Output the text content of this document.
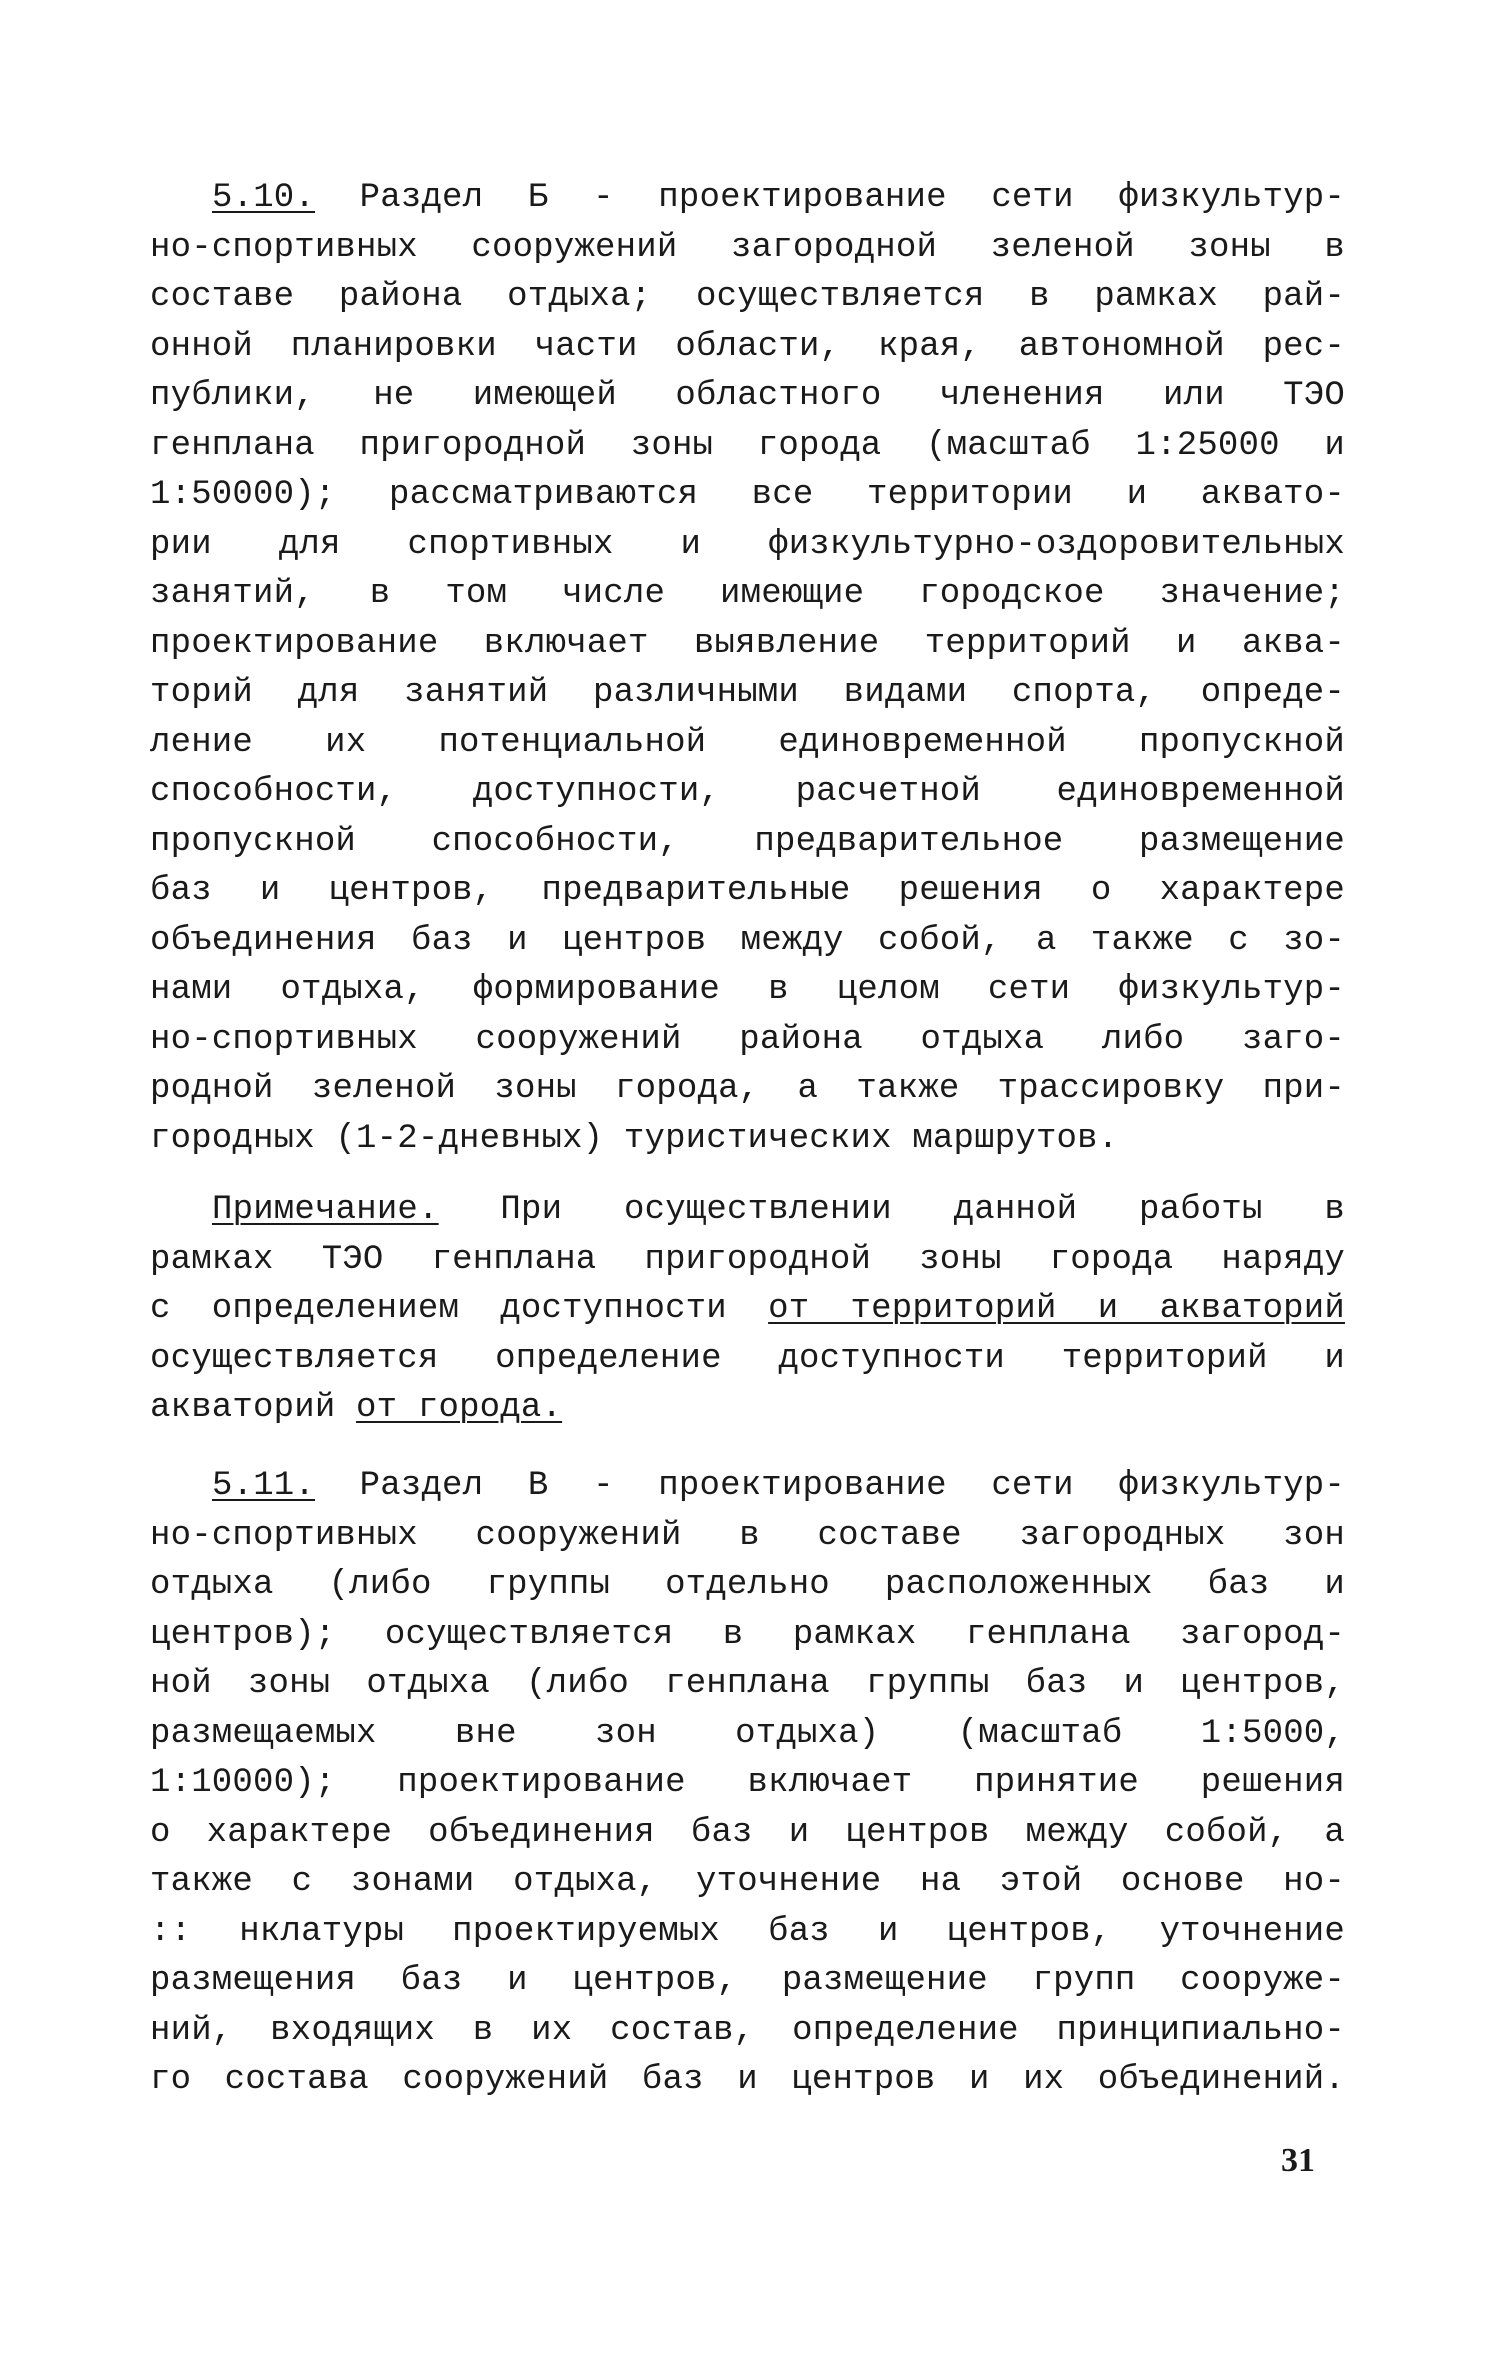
5.10. Раздел Б - проектирование сети физкультур-
но-спортивных сооружений загородной зеленой зоны в
составе района отдыха; осуществляется в рамках рай-
онной планировки части области, края, автономной рес-
публики, не имеющей областного членения или ТЭО
генплана пригородной зоны города (масштаб 1:25000 и
1:50000); рассматриваются все территории и аквато-
рии для спортивных и физкультурно-оздоровительных
занятий, в том числе имеющие городское значение;
проектирование включает выявление территорий и аква-
торий для занятий различными видами спорта, опреде-
ление их потенциальной единовременной пропускной
способности, доступности, расчетной единовременной
пропускной способности, предварительное размещение
баз и центров, предварительные решения о характере
объединения баз и центров между собой, а также с зо-
нами отдыха, формирование в целом сети физкультур-
но-спортивных сооружений района отдыха либо заго-
родной зеленой зоны города, а также трассировку при-
городных (1-2-дневных) туристических маршрутов.
Примечание. При осуществлении данной работы в
рамках ТЭО генплана пригородной зоны города наряду
с определением доступности от территорий и акваторий
осуществляется определение доступности территорий и
акваторий от города.
5.11. Раздел В - проектирование сети физкультур-
но-спортивных сооружений в составе загородных зон
отдыха (либо группы отдельно расположенных баз и
центров); осуществляется в рамках генплана загород-
ной зоны отдыха (либо генплана группы баз и центров,
размещаемых вне зон отдыха) (масштаб 1:5000,
1:10000); проектирование включает принятие решения
о характере объединения баз и центров между собой, а
также с зонами отдыха, уточнение на этой основе но-
:: нклатуры проектируемых баз и центров, уточнение
размещения баз и центров, размещение групп сооруже-
ний, входящих в их состав, определение принципиально-
го состава сооружений баз и центров и их объединений.
31
